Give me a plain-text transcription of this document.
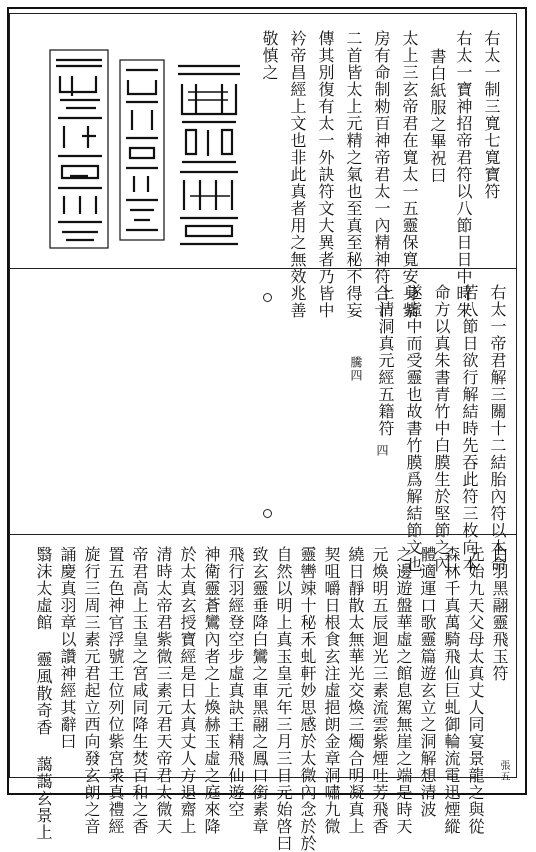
右太一制三寬七寬寶符
右太一寶神招帝君符以八節日日中時朱
書白紙服之畢祝曰
太上三玄帝君在寬太一五靈保寬安身紫
房有命制勑百神帝君太一內精神符合十
二首皆太上元精之氣也至真至秘不得妄
傳其別復有太一外訣符文大異者乃皆中
衿帝昌經上文也非此真者用之無效兆善
敬慎之
右太一帝君解三關十二結胎內符以本命
若八節日欲行解結時先吞此符三枚向本
命方以真朱書青竹中白膜生於堅節之內
遂虛中而受靈也故書竹膜爲解結節文也
上清洞真元經五籍符
騰四
四
白羽黑翮靈飛玉符
元始九天父母太真丈人同宴景龍之與從
森林千真萬騎飛仙巨虬御輪流電迅煙縱
體適運口歌靈篇遊玄立之洞解想清波
之邊遊盤華虛之館息駕無崖之端是時天
元煥明五辰迴光三素流雲紫煙吐芳飛香
繞日靜散太無華光交煥三燭合明凝真上
契咀嚼日根食玄注虛挹朗金章洞嘯九微
靈轡竦十秘禾虬軒妙思感於太微內念於於
自然以明上真玉皇元年三月三日元始啓曰
致玄靈垂降白鸞之車黑翮之鳳口銜素章
飛行羽經登空步虛真訣王精飛仙遊空
神衛靈蒼鸞內者之上煥赫玉虛之庭來降
於太真玄授寶經是日太真丈人方退齋上
清時太帝君紫微三素元君天帝君太微天
帝君高上玉皇之宮咸同降生焚百和之香
置五色神官浮號王位列位紫宮衆真禮經
旋行三周三素元君起立西向發玄朗之音
誦慶真羽章以讚神經其辭曰
翳沫太虛館 靈風散奇香 藹藹玄景上	張五
